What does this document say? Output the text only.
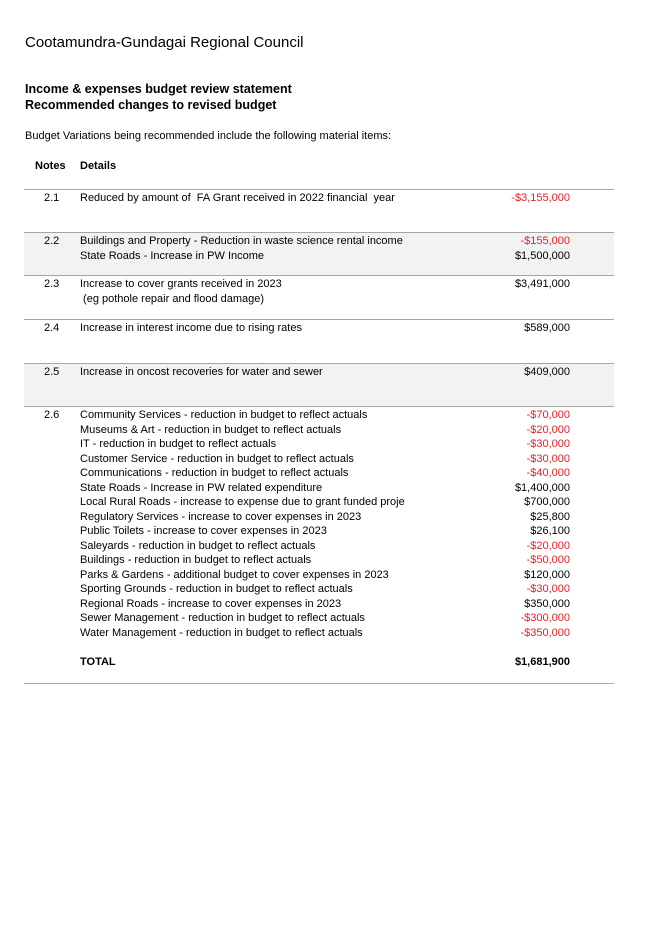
Cootamundra-Gundagai Regional Council
Income & expenses budget review statement
Recommended changes to revised budget
Budget Variations being recommended include the following material items:
Notes Details
2.1 Reduced by amount of  FA Grant received in 2022 financial  year	-$3,155,000
2.2 Buildings and Property - Reduction in waste science rental income	-$155,000
State Roads - Increase in PW Income	$1,500,000
2.3 Increase to cover grants received in 2023	$3,491,000
(eg pothole repair and flood damage)
2.4 Increase in interest income due to rising rates	$589,000
2.5 Increase in oncost recoveries for water and sewer	$409,000
2.6 Community Services - reduction in budget to reflect actuals	-$70,000
Museums & Art - reduction in budget to reflect actuals	-$20,000
IT - reduction in budget to reflect actuals	-$30,000
Customer Service - reduction in budget to reflect actuals	-$30,000
Communications - reduction in budget to reflect actuals	-$40,000
State Roads - Increase in PW related expenditure	$1,400,000
Local Rural Roads - increase to expense due to grant funded proje	$700,000
Regulatory Services - increase to cover expenses in 2023	$25,800
Public Toilets - increase to cover expenses in 2023	$26,100
Saleyards - reduction in budget to reflect actuals	-$20,000
Buildings - reduction in budget to reflect actuals	-$50,000
Parks & Gardens - additional budget to cover expenses in 2023	$120,000
Sporting Grounds - reduction in budget to reflect actuals	-$30,000
Regional Roads - increase to cover expenses in 2023	$350,000
Sewer Management - reduction in budget to reflect actuals	-$300,000
Water Management - reduction in budget to reflect actuals	-$350,000
TOTAL	$1,681,900
